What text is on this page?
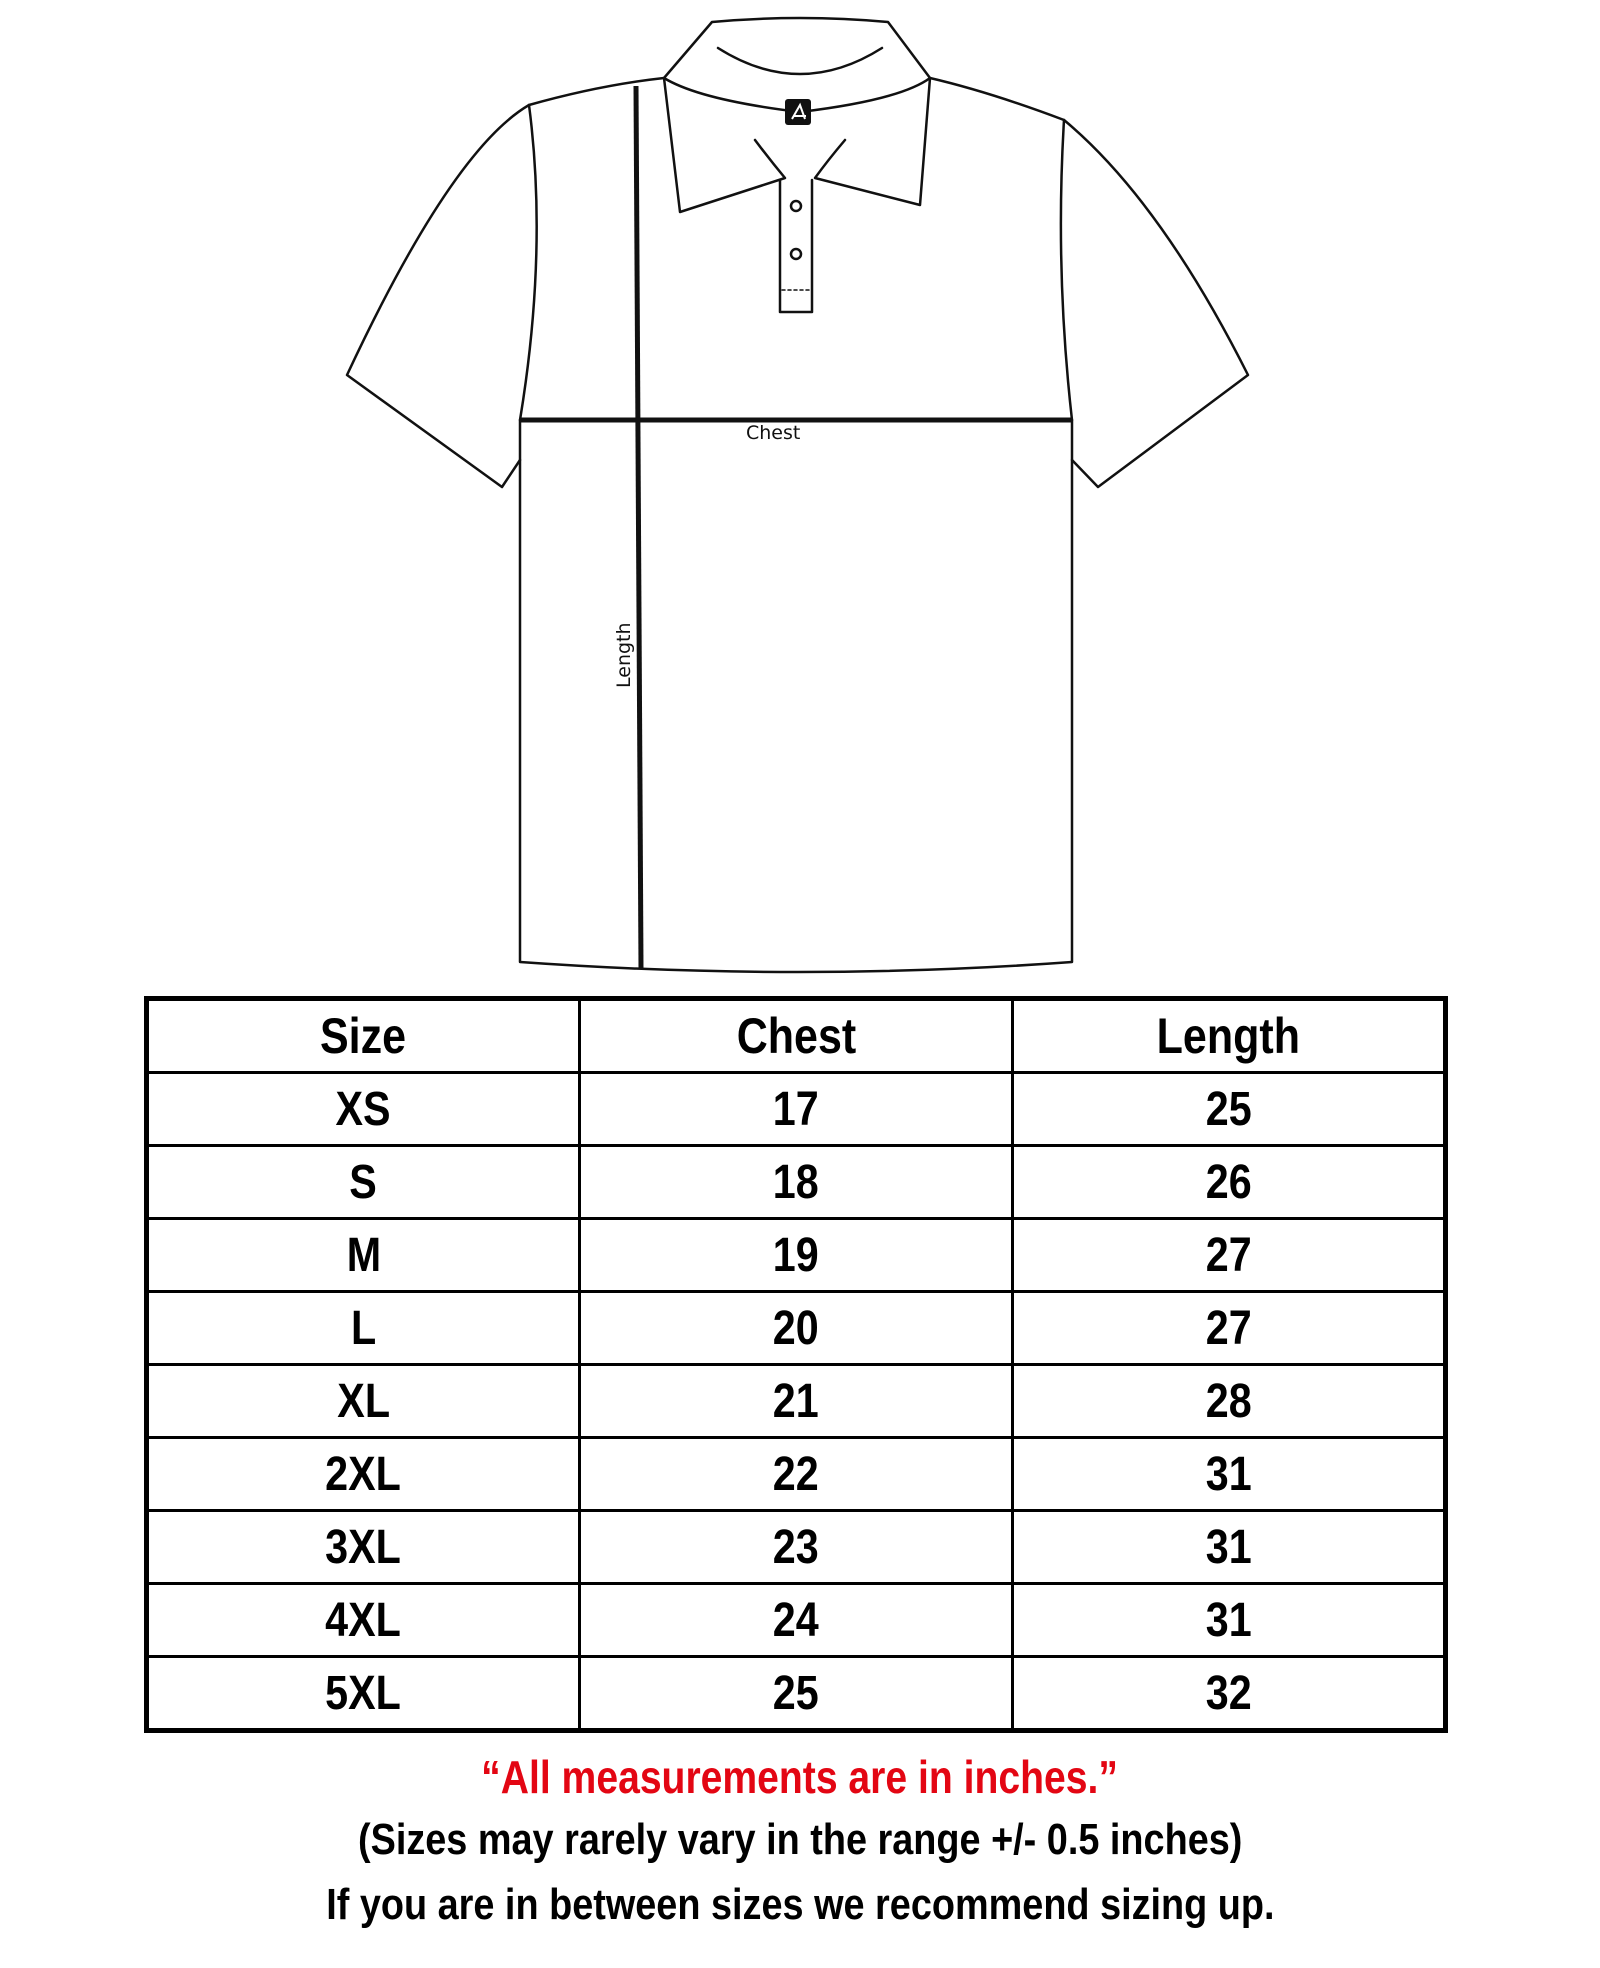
Chest
Length
Size	Chest	Length
XS	17	25
S	18	26
M	19	27
L	20	27
XL	21	28
2XL	22	31
3XL	23	31
4XL	24	31
5XL	25	32
“All measurements are in inches.”
(Sizes may rarely vary in the range +/- 0.5 inches)
If you are in between sizes we recommend sizing up.
